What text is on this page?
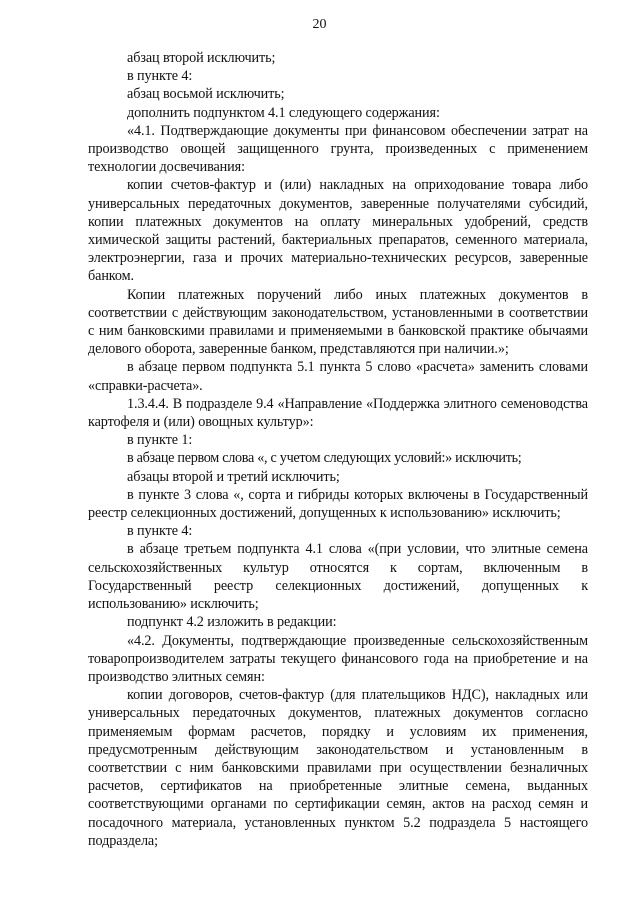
20

абзац второй исключить;

в пункте 4:

абзац восьмой исключить;

дополнить подпунктом 4.1 следующего содержания:

«4.1. Подтверждающие документы при финансовом обеспечении затрат на производство овощей защищенного грунта, произведенных с применением технологии досвечивания:

копии счетов-фактур и (или) накладных на оприходование товара либо универсальных передаточных документов, заверенные получателями субсидий, копии платежных документов на оплату минеральных удобрений, средств химической защиты растений, бактериальных препаратов, семенного материала, электроэнергии, газа и прочих материально-технических ресурсов, заверенные банком.

Копии платежных поручений либо иных платежных документов в соответствии с действующим законодательством, установленными в соответствии с ним банковскими правилами и применяемыми в банковской практике обычаями делового оборота, заверенные банком, представляются при наличии.»;

в абзаце первом подпункта 5.1 пункта 5 слово «расчета» заменить словами «справки-расчета».

1.3.4.4. В подразделе 9.4 «Направление «Поддержка элитного семеноводства картофеля и (или) овощных культур»:

в пункте 1:

в абзаце первом слова «, с учетом следующих условий:» исключить;

абзацы второй и третий исключить;

в пункте 3 слова «, сорта и гибриды которых включены в Государственный реестр селекционных достижений, допущенных к использованию» исключить;

в пункте 4:

в абзаце третьем подпункта 4.1 слова «(при условии, что элитные семена сельскохозяйственных культур относятся к сортам, включенным в Государственный реестр селекционных достижений, допущенных к использованию» исключить;

подпункт 4.2 изложить в редакции:

«4.2. Документы, подтверждающие произведенные сельскохозяйственным товаропроизводителем затраты текущего финансового года на приобретение и на производство элитных семян:

копии договоров, счетов-фактур (для плательщиков НДС), накладных или универсальных передаточных документов, платежных документов согласно применяемым формам расчетов, порядку и условиям их применения, предусмотренным действующим законодательством и установленным в соответствии с ним банковскими правилами при осуществлении безналичных расчетов, сертификатов на приобретенные элитные семена, выданных соответствующими органами по сертификации семян, актов на расход семян и посадочного материала, установленных пунктом 5.2 подраздела 5 настоящего подраздела;
